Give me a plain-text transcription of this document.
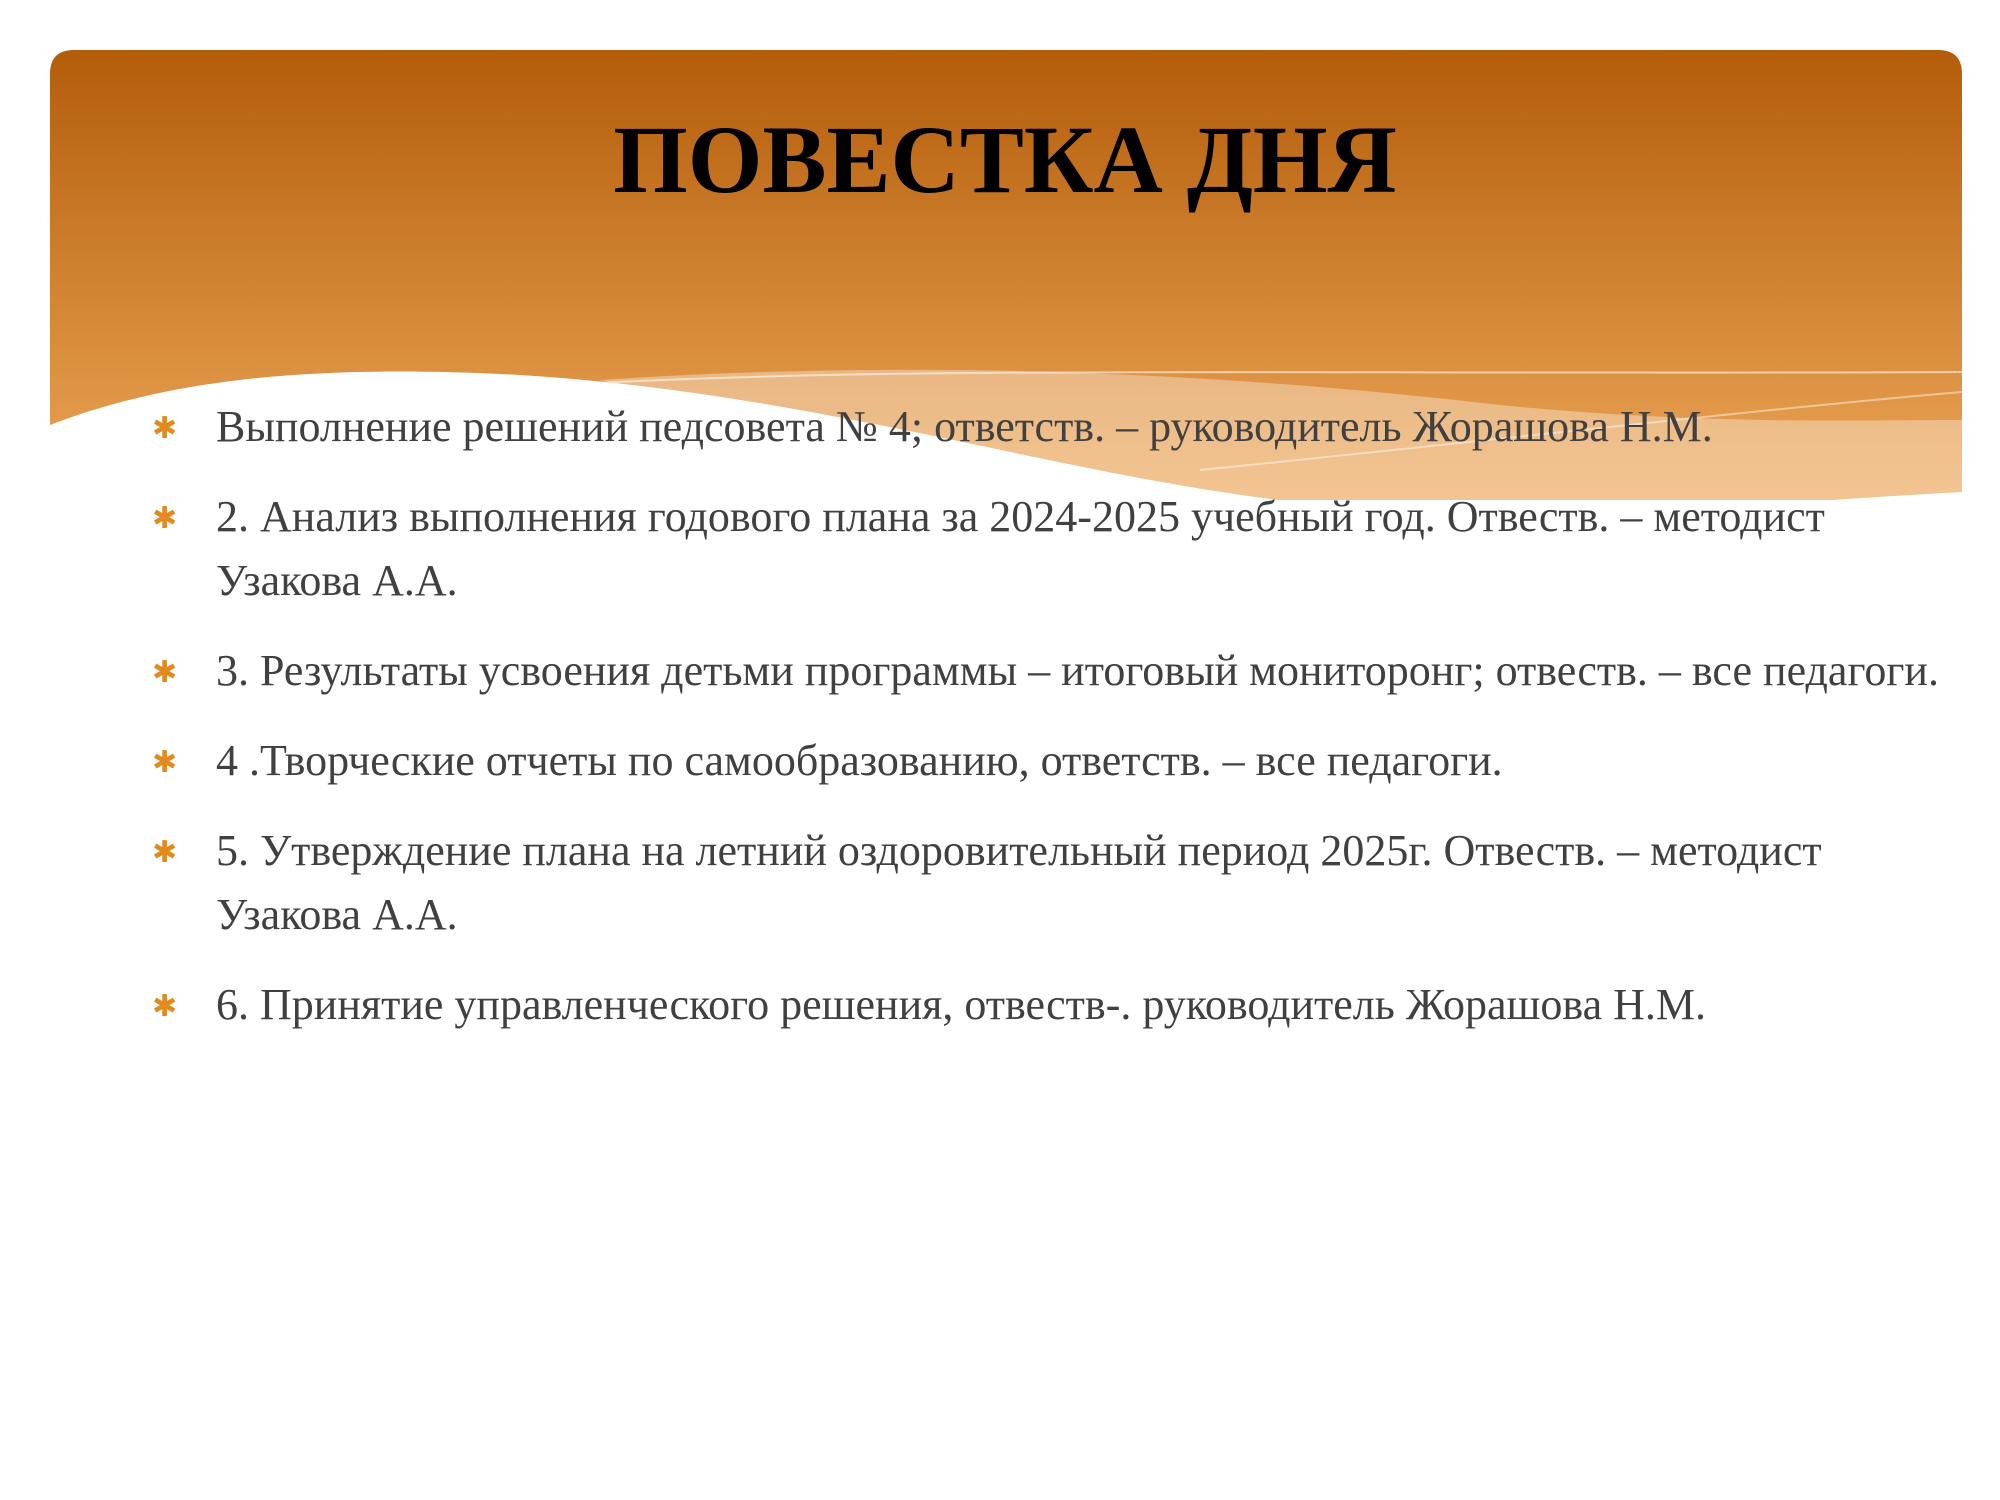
ПОВЕСТКА ДНЯ
✱ Выполнение решений педсовета № 4; ответств. – руководитель Жорашова Н.М.
✱ 2. Анализ выполнения годового плана за 2024-2025 учебный год. Отвеств. – методист Узакова А.А.
✱ 3. Результаты усвоения детьми программы – итоговый мониторонг; отвеств. – все педагоги.
✱ 4 .Творческие отчеты по самообразованию, ответств. – все педагоги.
✱ 5. Утверждение плана на летний оздоровительный период 2025г. Отвеств. – методист Узакова А.А.
✱ 6. Принятие управленческого решения, отвеств-. руководитель Жорашова Н.М.
